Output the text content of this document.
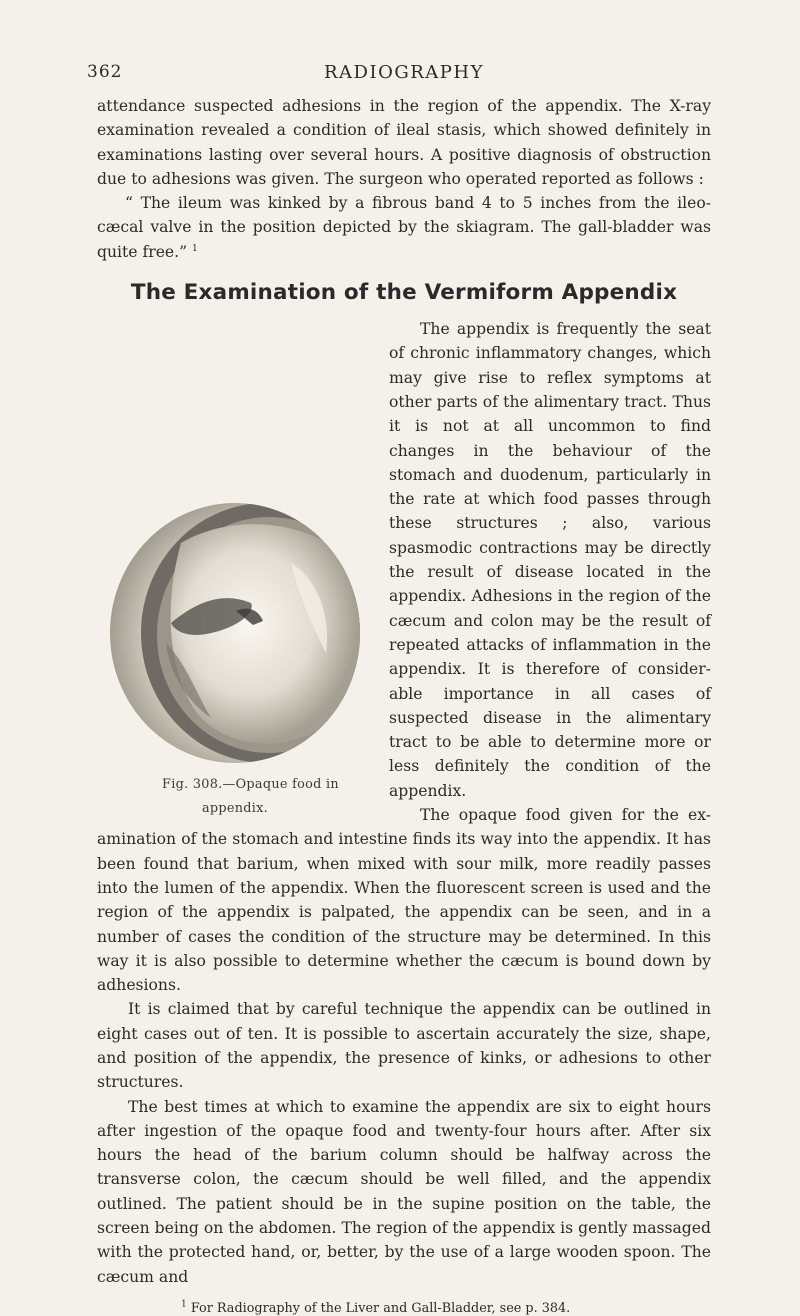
362	RADIOGRAPHY

attendance suspected adhesions in the region of the appendix. The X-ray examination revealed a condition of ileal stasis, which showed definitely in examinations lasting over several hours. A positive diagnosis of obstruction due to adhesions was given. The surgeon who operated reported as follows :

“ The ileum was kinked by a fibrous band 4 to 5 inches from the ileo-cæcal valve in the position depicted by the skiagram. The gall-bladder was quite free.” $^1$

The Examination of the Vermiform Appendix

Fig. 308.—Opaque food in appendix.
The appendix is frequently the seat of chronic inflammatory changes, which may give rise to reflex symptoms at other parts of the alimentary tract. Thus it is not at all uncommon to find changes in the behaviour of the stomach and duodenum, particularly in the rate at which food passes through these structures ; also, various spasmodic contractions may be directly the result of disease located in the appendix. Adhesions in the region of the cæcum and colon may be the result of repeated attacks of inflammation in the appendix. It is therefore of consider-able importance in all cases of suspected disease in the alimentary tract to be able to determine more or less definitely the condition of the appendix.

The opaque food given for the ex-amination of the stomach and intestine finds its way into the appendix. It has been found that barium, when mixed with sour milk, more readily passes into the lumen of the appendix. When the fluorescent screen is used and the region of the appendix is palpated, the appendix can be seen, and in a number of cases the condition of the structure may be determined. In this way it is also possible to determine whether the cæcum is bound down by adhesions.

It is claimed that by careful technique the appendix can be outlined in eight cases out of ten. It is possible to ascertain accurately the size, shape, and position of the appendix, the presence of kinks, or adhesions to other structures.

The best times at which to examine the appendix are six to eight hours after ingestion of the opaque food and twenty-four hours after. After six hours the head of the barium column should be halfway across the transverse colon, the cæcum should be well filled, and the appendix outlined. The patient should be in the supine position on the table, the screen being on the abdomen. The region of the appendix is gently massaged with the protected hand, or, better, by the use of a large wooden spoon. The cæcum and

$^1$ For Radiography of the Liver and Gall-Bladder, see p. 384.
